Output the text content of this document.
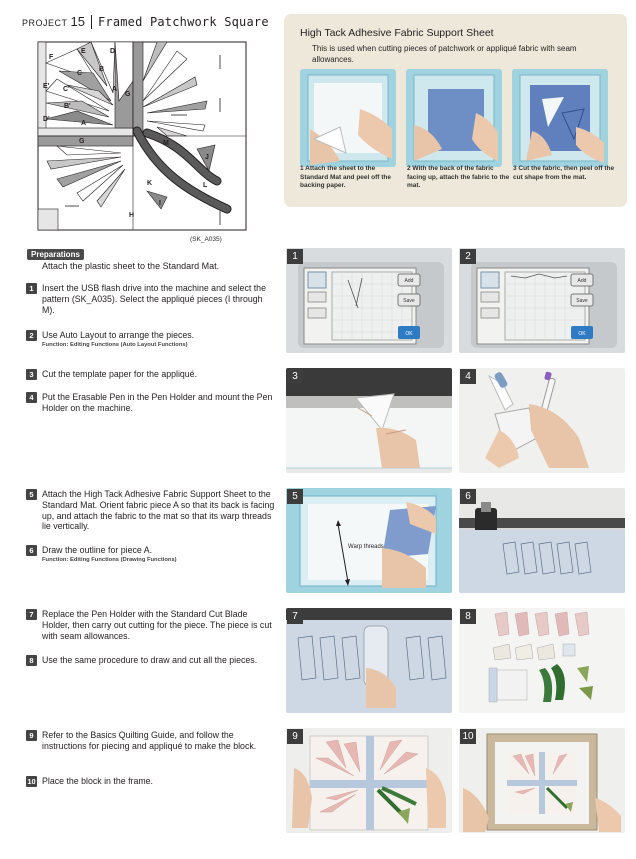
PROJECT 15 Framed Patchwork Square
F
E	D
C
B
A
G
E' C'
B'
D'
A
G	M
J
K	L
I
H
(SK_A035)
High Tack Adhesive Fabric Support Sheet
This is used when cutting pieces of patchwork or appliqué fabric with seam allowances.
1 Attach the sheet to the Standard Mat and peel off the backing paper.
2 With the back of the fabric facing up, attach the fabric to the mat.
3 Cut the fabric, then peel off the cut shape from the mat.
Preparations
Attach the plastic sheet to the Standard Mat.
1 Insert the USB flash drive into the machine and select the pattern (SK_A035). Select the appliqué pieces (I through M).
2 Use Auto Layout to arrange the pieces.
Function: Editing Functions (Auto Layout Functions)
3 Cut the template paper for the appliqué.
4 Put the Erasable Pen in the Pen Holder and mount the Pen Holder on the machine.
5 Attach the High Tack Adhesive Fabric Support Sheet to the Standard Mat. Orient fabric piece A so that its back is facing up, and attach the fabric to the mat so that its warp threads lie vertically.
6 Draw the outline for piece A.
Function: Editing Functions (Drawing Functions)
7 Replace the Pen Holder with the Standard Cut Blade Holder, then carry out cutting for the piece. The piece is cut with seam allowances.
8 Use the same procedure to draw and cut all the pieces.
9 Refer to the Basics Quilting Guide, and follow the instructions for piecing and appliqué to make the block.
10 Place the block in the frame.
Add
Save
OK
1
Add
Save
OK
2
3	4
Warp threads
5	6
7	8
9	10
